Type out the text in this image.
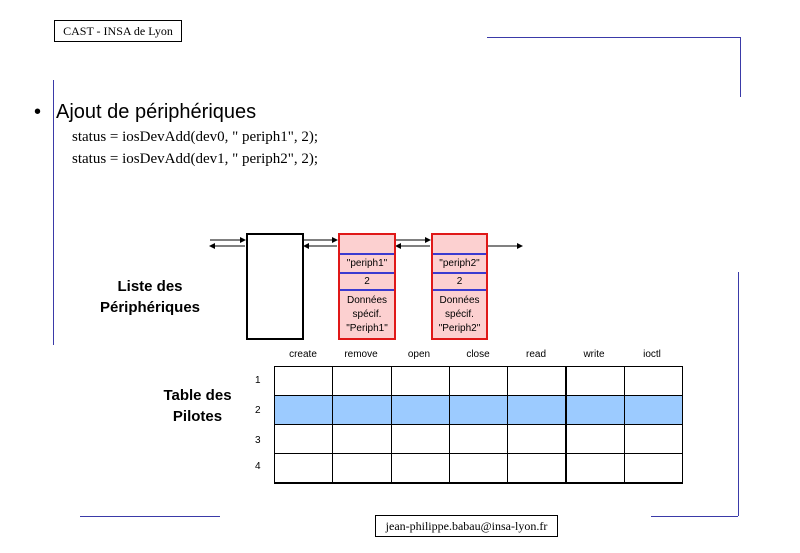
CAST - INSA de Lyon
jean-philippe.babau@insa-lyon.fr
• Ajout de périphériques
status = iosDevAdd(dev0, " periph1", 2);
status = iosDevAdd(dev1, " periph2", 2);
Liste des
Périphériques
"periph1"
2
Données
spécif.
"Periph1"
"periph2"
2
Données
spécif.
"Periph2"
Table des
Pilotes
create	remove	open	close	read	write	ioctl
1
2
3
4
